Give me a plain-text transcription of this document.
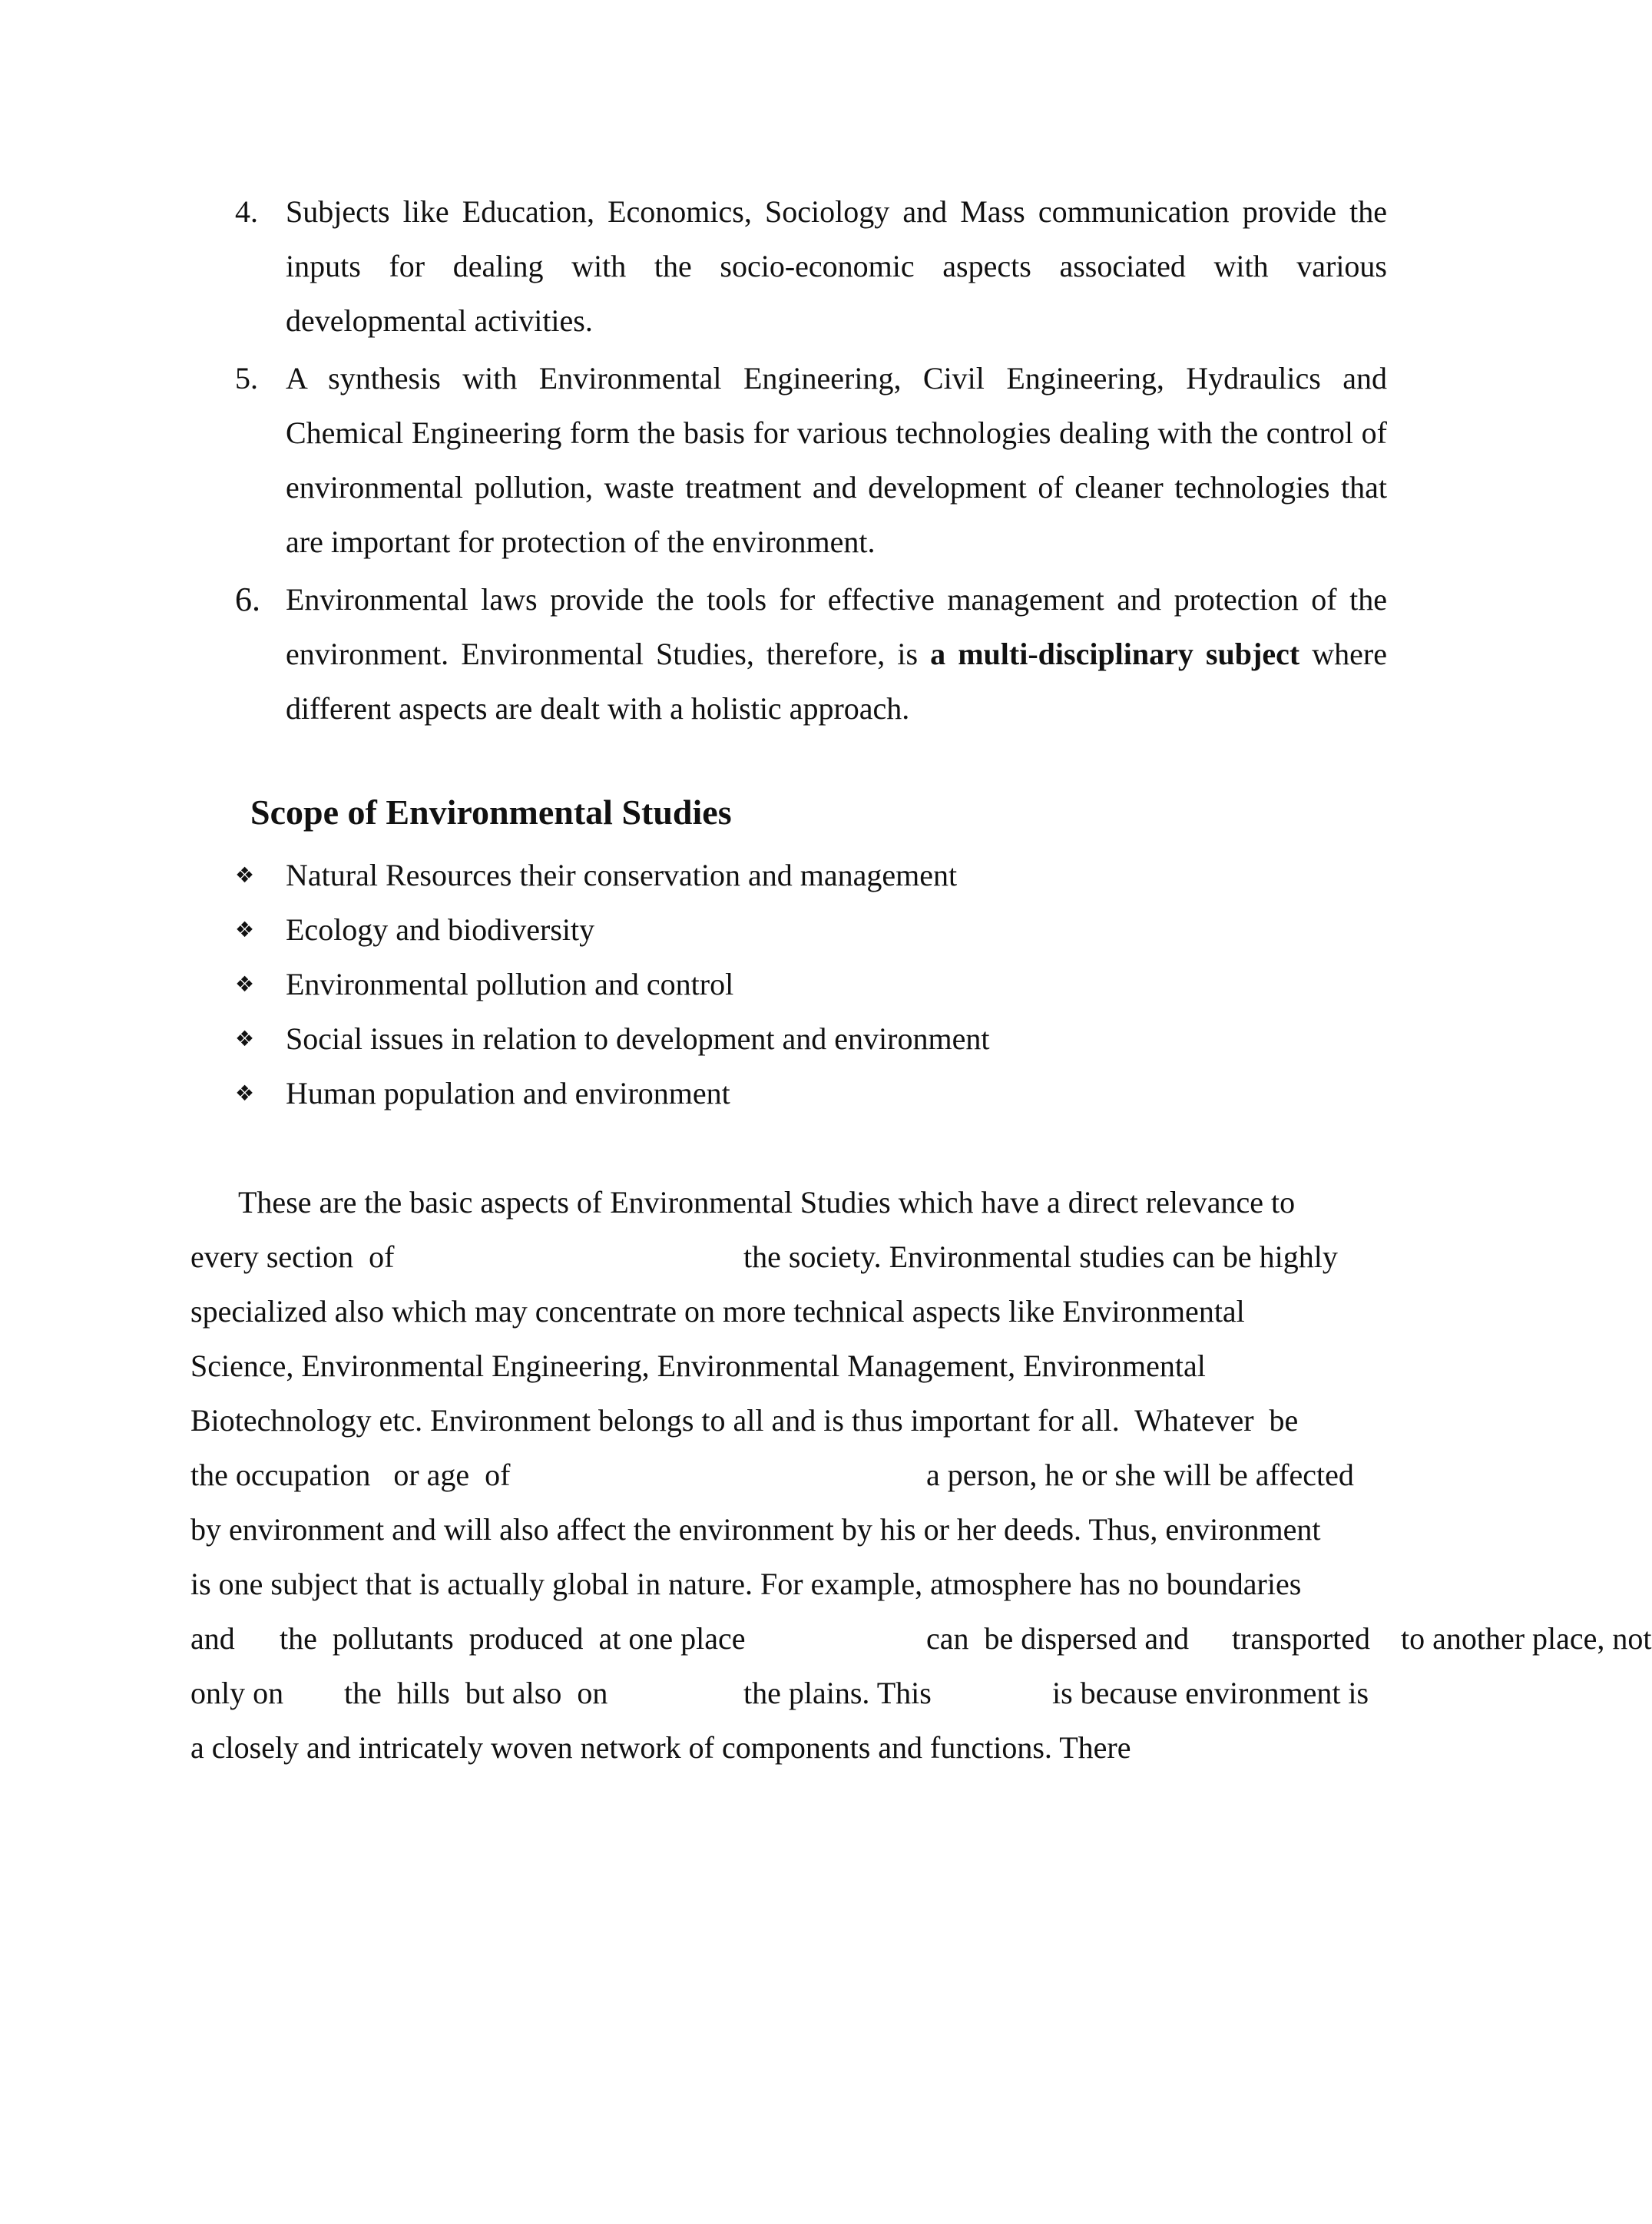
4. Subjects like Education, Economics, Sociology and Mass communication provide the inputs for dealing with the socio-economic aspects associated with various developmental activities.
5. A synthesis with Environmental Engineering, Civil Engineering, Hydraulics and Chemical Engineering form the basis for various technologies dealing with the control of environmental pollution, waste treatment and development of cleaner technologies that are important for protection of the environment.
6. Environmental laws provide the tools for effective management and protection of the environment. Environmental Studies, therefore, is a multi-disciplinary subject where different aspects are dealt with a holistic approach.
Scope of Environmental Studies
❖	Natural Resources their conservation and management
❖	Ecology and biodiversity
❖	Environmental pollution and control
❖	Social issues in relation to development and environment
❖	Human population and environment
These are the basic aspects of Environmental Studies which have a direct relevance to
every section  of	the society. Environmental studies can be highly
specialized also which may concentrate on more technical aspects like Environmental
Science, Environmental Engineering, Environmental Management, Environmental
Biotechnology etc. Environment belongs to all and is thus important for all.  Whatever  be
the occupation   or age  of	a person, he or she will be affected
by environment and will also affect the environment by his or her deeds. Thus, environment
is one subject that is actually global in nature. For example, atmosphere has no boundaries
and the  pollutants  produced  at one place	can  be dispersed and transported to another place, not
only on the  hills  but also  on	the plains. This	is because environment is
a closely and intricately woven network of components and functions. There
